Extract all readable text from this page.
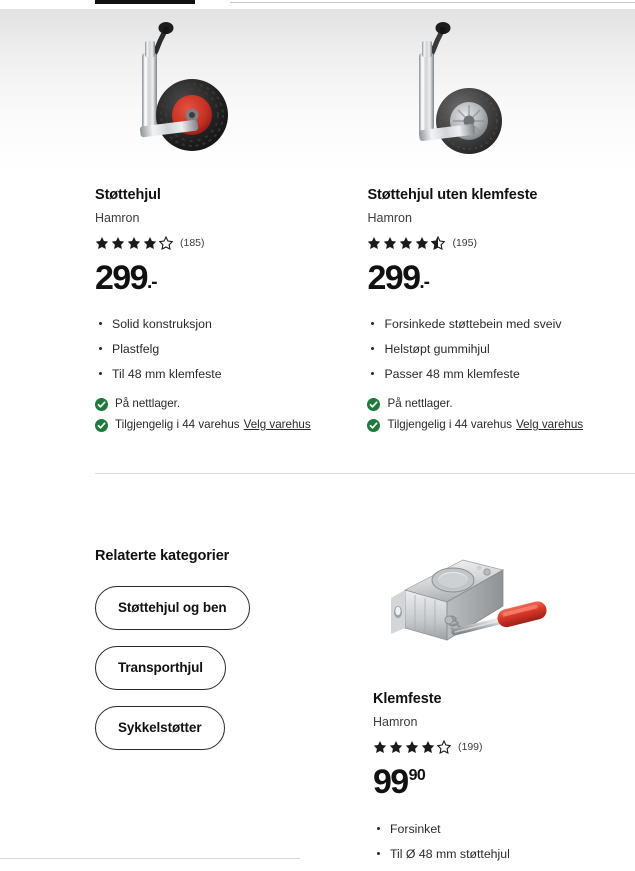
Støttehjul

Hamron

(185)
299 .-
Solid konstruksjon
Plastfelg
Til 48 mm klemfeste
På nettlager.
Tilgjengelig i 44 varehus Velg varehus
Støttehjul uten klemfeste

Hamron

(195)
299 .-
Forsinkede støttebein med sveiv
Helstøpt gummihjul
Passer 48 mm klemfeste
På nettlager.
Tilgjengelig i 44 varehus Velg varehus
Relaterte kategorier
Støttehjul og ben
Transporthjul
Sykkelstøtter
Klemfeste

Hamron

(199)
99 90
Forsinket
Til Ø 48 mm støttehjul
